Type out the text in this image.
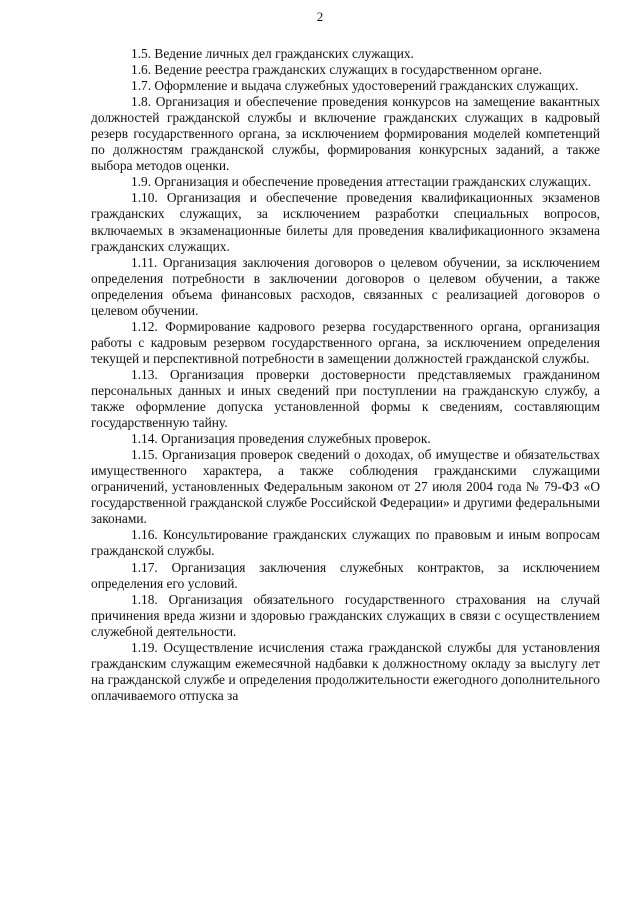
2

1.5. Ведение личных дел гражданских служащих.

1.6. Ведение реестра гражданских служащих в государственном органе.

1.7. Оформление и выдача служебных удостоверений гражданских служащих.

1.8. Организация и обеспечение проведения конкурсов на замещение вакантных должностей гражданской службы и включение гражданских служащих в кадровый резерв государственного органа, за исключением формирования моделей компетенций по должностям гражданской службы, формирования конкурсных заданий, а также выбора методов оценки.

1.9. Организация и обеспечение проведения аттестации гражданских служащих.

1.10. Организация и обеспечение проведения квалификационных экзаменов гражданских служащих, за исключением разработки специальных вопросов, включаемых в экзаменационные билеты для проведения квалификационного экзамена гражданских служащих.

1.11. Организация заключения договоров о целевом обучении, за исключением определения потребности в заключении договоров о целевом обучении, а также определения объема финансовых расходов, связанных с реализацией договоров о целевом обучении.

1.12. Формирование кадрового резерва государственного органа, организация работы с кадровым резервом государственного органа, за исключением определения текущей и перспективной потребности в замещении должностей гражданской службы.

1.13. Организация проверки достоверности представляемых гражданином персональных данных и иных сведений при поступлении на гражданскую службу, а также оформление допуска установленной формы к сведениям, составляющим государственную тайну.

1.14. Организация проведения служебных проверок.

1.15. Организация проверок сведений о доходах, об имуществе и обязательствах имущественного характера, а также соблюдения гражданскими служащими ограничений, установленных Федеральным законом от 27 июля 2004 года № 79-ФЗ «О государственной гражданской службе Российской Федерации» и другими федеральными законами.

1.16. Консультирование гражданских служащих по правовым и иным вопросам гражданской службы.

1.17. Организация заключения служебных контрактов, за исключением определения его условий.

1.18. Организация обязательного государственного страхования на случай причинения вреда жизни и здоровью гражданских служащих в связи с осуществлением служебной деятельности.

1.19. Осуществление исчисления стажа гражданской службы для установления гражданским служащим ежемесячной надбавки к должностному окладу за выслугу лет на гражданской службе и определения продолжительности ежегодного дополнительного оплачиваемого отпуска за
